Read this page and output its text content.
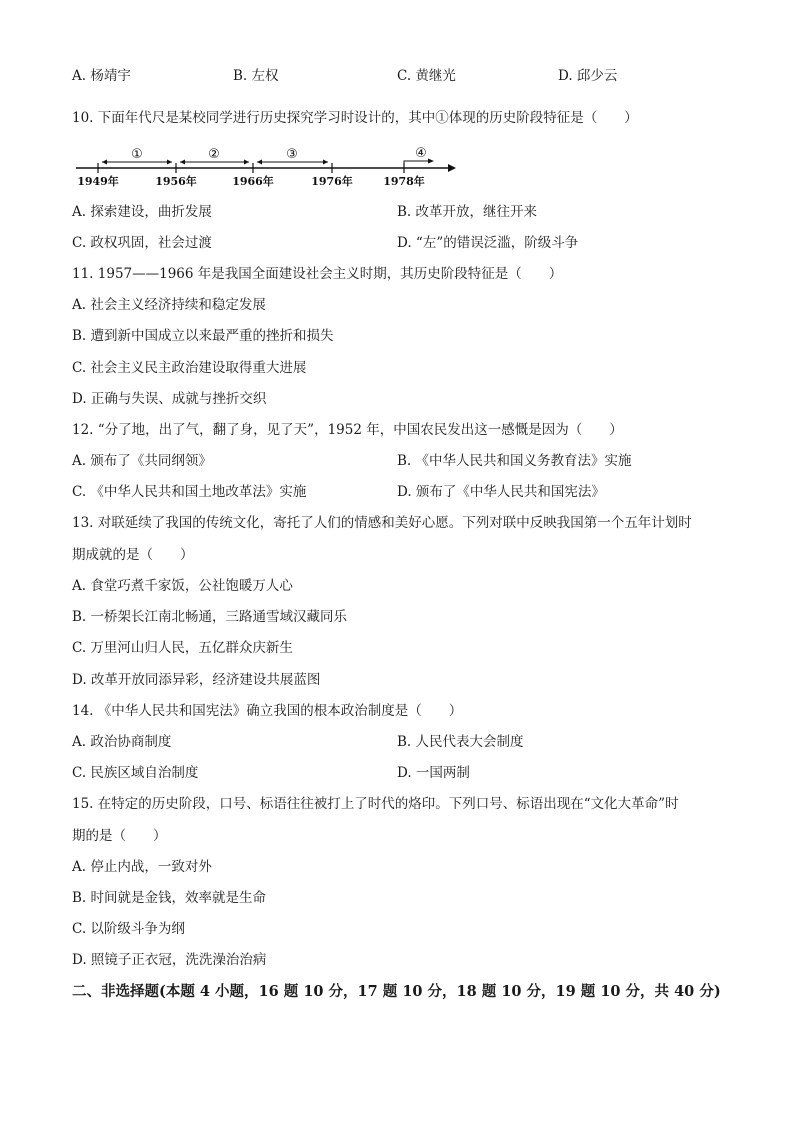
A. 杨靖宇	B. 左权	C. 黄继光	D. 邱少云
10. 下面年代尺是某校同学进行历史探究学习时设计的，其中①体现的历史阶段特征是（　　）
①	②	③	④
1949年	1956年	1966年	1976年	1978年
A. 探索建设，曲折发展	B. 改革开放，继往开来
C. 政权巩固，社会过渡	D. “左”的错误泛滥，阶级斗争
11. 1957——1966 年是我国全面建设社会主义时期，其历史阶段特征是（　　）
A. 社会主义经济持续和稳定发展
B. 遭到新中国成立以来最严重的挫折和损失
C. 社会主义民主政治建设取得重大进展
D. 正确与失误、成就与挫折交织
12. “分了地，出了气，翻了身，见了天”，1952 年，中国农民发出这一感慨是因为（　　）
A. 颁布了《共同纲领》	B. 《中华人民共和国义务教育法》实施
C. 《中华人民共和国土地改革法》实施	D. 颁布了《中华人民共和国宪法》
13. 对联延续了我国的传统文化，寄托了人们的情感和美好心愿。下列对联中反映我国第一个五年计划时
期成就的是（　　）
A. 食堂巧煮千家饭，公社饱暖万人心
B. 一桥架长江南北畅通，三路通雪域汉藏同乐
C. 万里河山归人民，五亿群众庆新生
D. 改革开放同添异彩，经济建设共展蓝图
14. 《中华人民共和国宪法》确立我国的根本政治制度是（　　）
A. 政治协商制度	B. 人民代表大会制度
C. 民族区域自治制度	D. 一国两制
15. 在特定的历史阶段，口号、标语往往被打上了时代的烙印。下列口号、标语出现在“文化大革命”时
期的是（　　）
A. 停止内战，一致对外
B. 时间就是金钱，效率就是生命
C. 以阶级斗争为纲
D. 照镜子正衣冠，洗洗澡治治病
二、非选择题(本题 4 小题，16 题 10 分，17 题 10 分，18 题 10 分，19 题 10 分，共 40 分)
